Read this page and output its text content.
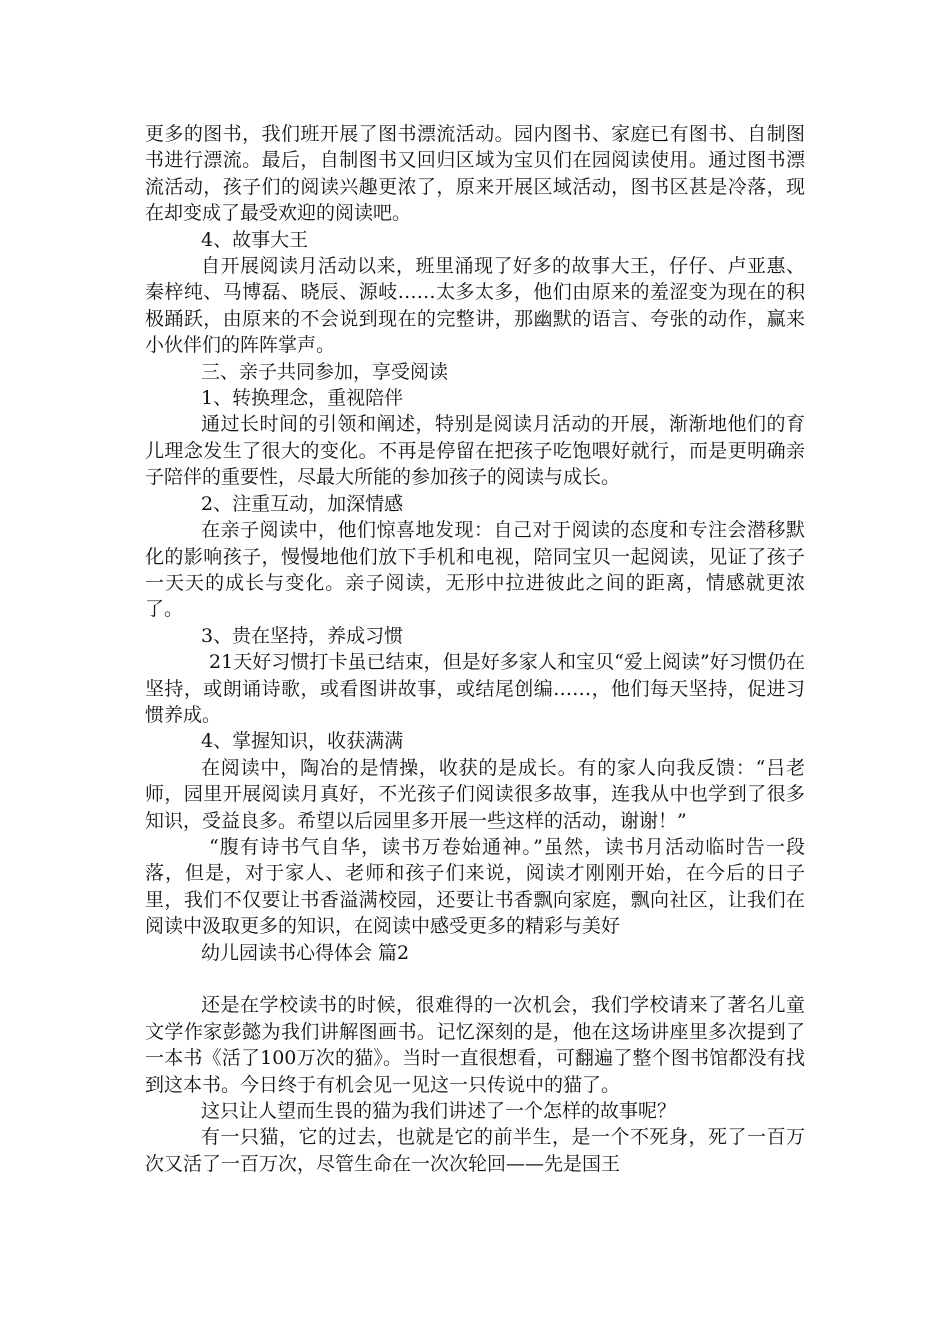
更多的图书，我们班开展了图书漂流活动。园内图书、家庭已有图书、自制图书进行漂流。最后，自制图书又回归区域为宝贝们在园阅读使用。通过图书漂流活动，孩子们的阅读兴趣更浓了，原来开展区域活动，图书区甚是冷落，现在却变成了最受欢迎的阅读吧。

4、故事大王

自开展阅读月活动以来，班里涌现了好多的故事大王，仔仔、卢亚惠、秦梓纯、马博磊、晓辰、源岐……太多太多，他们由原来的羞涩变为现在的积极踊跃，由原来的不会说到现在的完整讲，那幽默的语言、夸张的动作，赢来小伙伴们的阵阵掌声。

三、亲子共同参加，享受阅读

1、转换理念，重视陪伴

通过长时间的引领和阐述，特别是阅读月活动的开展，渐渐地他们的育儿理念发生了很大的变化。不再是停留在把孩子吃饱喂好就行，而是更明确亲子陪伴的重要性，尽最大所能的参加孩子的阅读与成长。

2、注重互动，加深情感

在亲子阅读中，他们惊喜地发现：自己对于阅读的态度和专注会潜移默化的影响孩子，慢慢地他们放下手机和电视，陪同宝贝一起阅读，见证了孩子一天天的成长与变化。亲子阅读，无形中拉进彼此之间的距离，情感就更浓了。

3、贵在坚持，养成习惯

21天好习惯打卡虽已结束，但是好多家人和宝贝“爱上阅读”好习惯仍在坚持，或朗诵诗歌，或看图讲故事，或结尾创编……，他们每天坚持，促进习惯养成。

4、掌握知识，收获满满

在阅读中，陶冶的是情操，收获的是成长。有的家人向我反馈：“吕老师，园里开展阅读月真好，不光孩子们阅读很多故事，连我从中也学到了很多知识，受益良多。希望以后园里多开展一些这样的活动，谢谢！”

“腹有诗书气自华，读书万卷始通神。”虽然，读书月活动临时告一段落，但是，对于家人、老师和孩子们来说，阅读才刚刚开始，在今后的日子里，我们不仅要让书香溢满校园，还要让书香飘向家庭，飘向社区，让我们在阅读中汲取更多的知识，在阅读中感受更多的精彩与美好

幼儿园读书心得体会 篇2

还是在学校读书的时候，很难得的一次机会，我们学校请来了著名儿童文学作家彭懿为我们讲解图画书。记忆深刻的是，他在这场讲座里多次提到了一本书《活了100万次的猫》。当时一直很想看，可翻遍了整个图书馆都没有找到这本书。今日终于有机会见一见这一只传说中的猫了。

这只让人望而生畏的猫为我们讲述了一个怎样的故事呢？

有一只猫，它的过去，也就是它的前半生，是一个不死身，死了一百万次又活了一百万次，尽管生命在一次次轮回——先是国王
